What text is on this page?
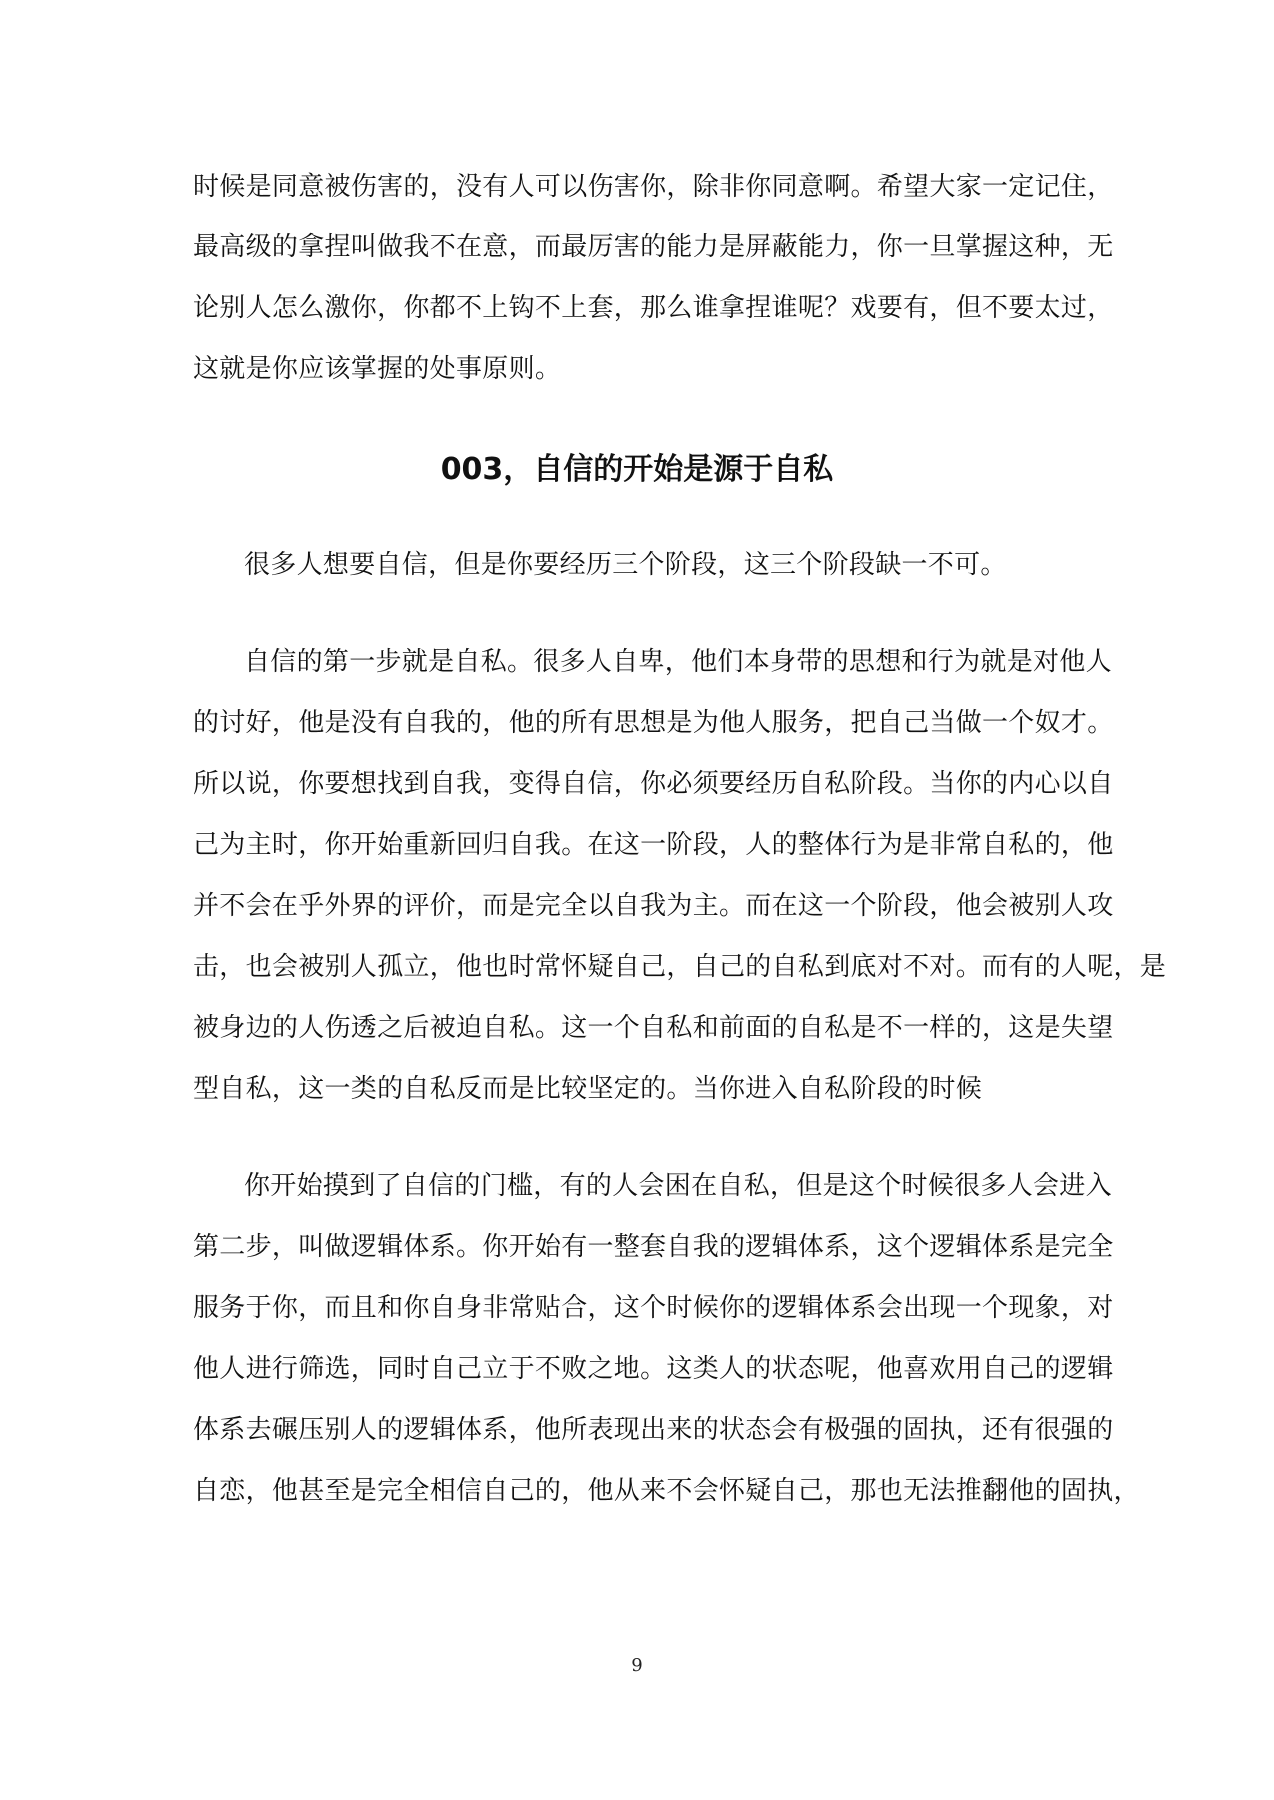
时候是同意被伤害的，没有人可以伤害你，除非你同意啊。希望大家一定记住，
最高级的拿捏叫做我不在意，而最厉害的能力是屏蔽能力，你一旦掌握这种，无
论别人怎么激你，你都不上钩不上套，那么谁拿捏谁呢？戏要有，但不要太过，
这就是你应该掌握的处事原则。
003，自信的开始是源于自私
很多人想要自信，但是你要经历三个阶段，这三个阶段缺一不可。
自信的第一步就是自私。很多人自卑，他们本身带的思想和行为就是对他人
的讨好，他是没有自我的，他的所有思想是为他人服务，把自己当做一个奴才。
所以说，你要想找到自我，变得自信，你必须要经历自私阶段。当你的内心以自
己为主时，你开始重新回归自我。在这一阶段，人的整体行为是非常自私的，他
并不会在乎外界的评价，而是完全以自我为主。而在这一个阶段，他会被别人攻
击，也会被别人孤立，他也时常怀疑自己，自己的自私到底对不对。而有的人呢，是
被身边的人伤透之后被迫自私。这一个自私和前面的自私是不一样的，这是失望
型自私，这一类的自私反而是比较坚定的。当你进入自私阶段的时候
你开始摸到了自信的门槛，有的人会困在自私，但是这个时候很多人会进入
第二步，叫做逻辑体系。你开始有一整套自我的逻辑体系，这个逻辑体系是完全
服务于你，而且和你自身非常贴合，这个时候你的逻辑体系会出现一个现象，对
他人进行筛选，同时自己立于不败之地。这类人的状态呢，他喜欢用自己的逻辑
体系去碾压别人的逻辑体系，他所表现出来的状态会有极强的固执，还有很强的
自恋，他甚至是完全相信自己的，他从来不会怀疑自己，那也无法推翻他的固执，
9
